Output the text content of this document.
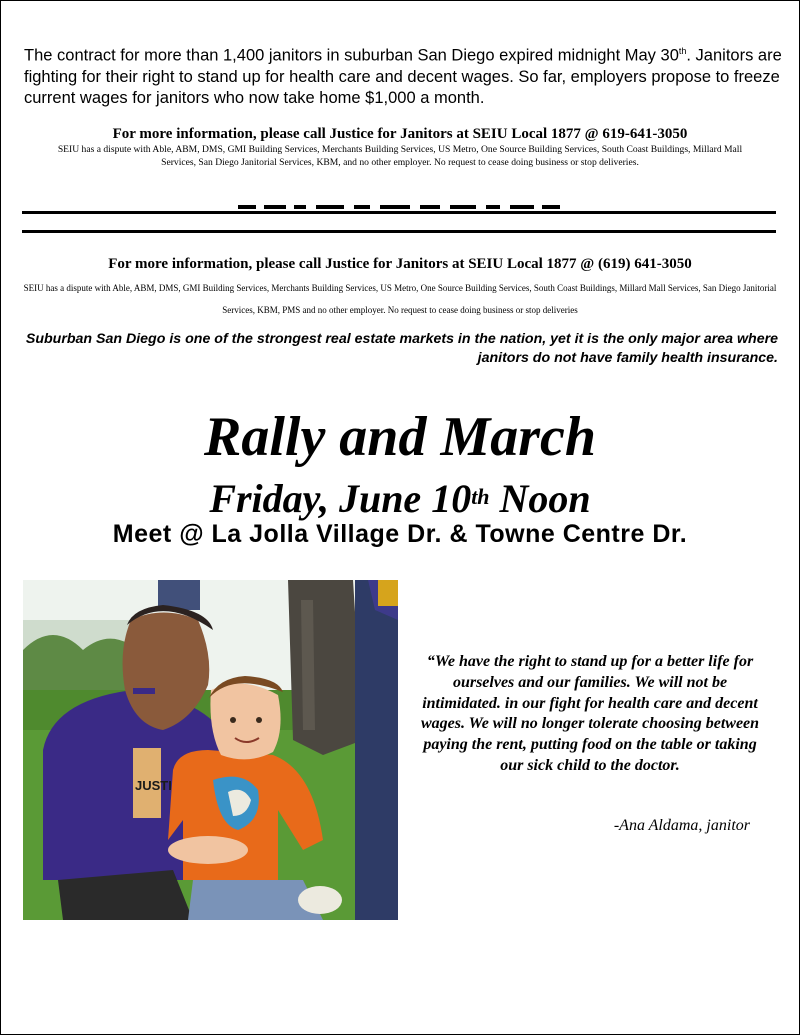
The contract for more than 1,400 janitors in suburban San Diego expired midnight May 30th. Janitors are fighting for their right to stand up for health care and decent wages. So far, employers propose to freeze current wages for janitors who now take home $1,000 a month.

For more information, please call Justice for Janitors at SEIU Local 1877 @ 619-641-3050
SEIU has a dispute with Able, ABM, DMS, GMI Building Services, Merchants Building Services, US Metro, One Source Building Services, South Coast Buildings, Millard Mall Services, San Diego Janitorial Services, KBM, and no other employer. No request to cease doing business or stop deliveries.
For more information, please call Justice for Janitors at SEIU Local 1877 @ (619) 641-3050
SEIU has a dispute with Able, ABM, DMS, GMI Building Services, Merchants Building Services, US Metro, One Source Building Services, South Coast Buildings, Millard Mall Services, San Diego Janitorial Services, KBM, PMS and no other employer. No request to cease doing business or stop deliveries
Suburban San Diego is one of the strongest real estate markets in the nation, yet it is the only major area where janitors do not have family health insurance.
Rally and March
Friday, June 10th Noon
Meet @ La Jolla Village Dr. & Towne Centre Dr.
JUSTI
“We have the right to stand up for a better life for ourselves and our families. We will not be intimidated. in our fight for health care and decent wages. We will no longer tolerate choosing between paying the rent, putting food on the table or taking our sick child to the doctor.
-Ana Aldama, janitor
